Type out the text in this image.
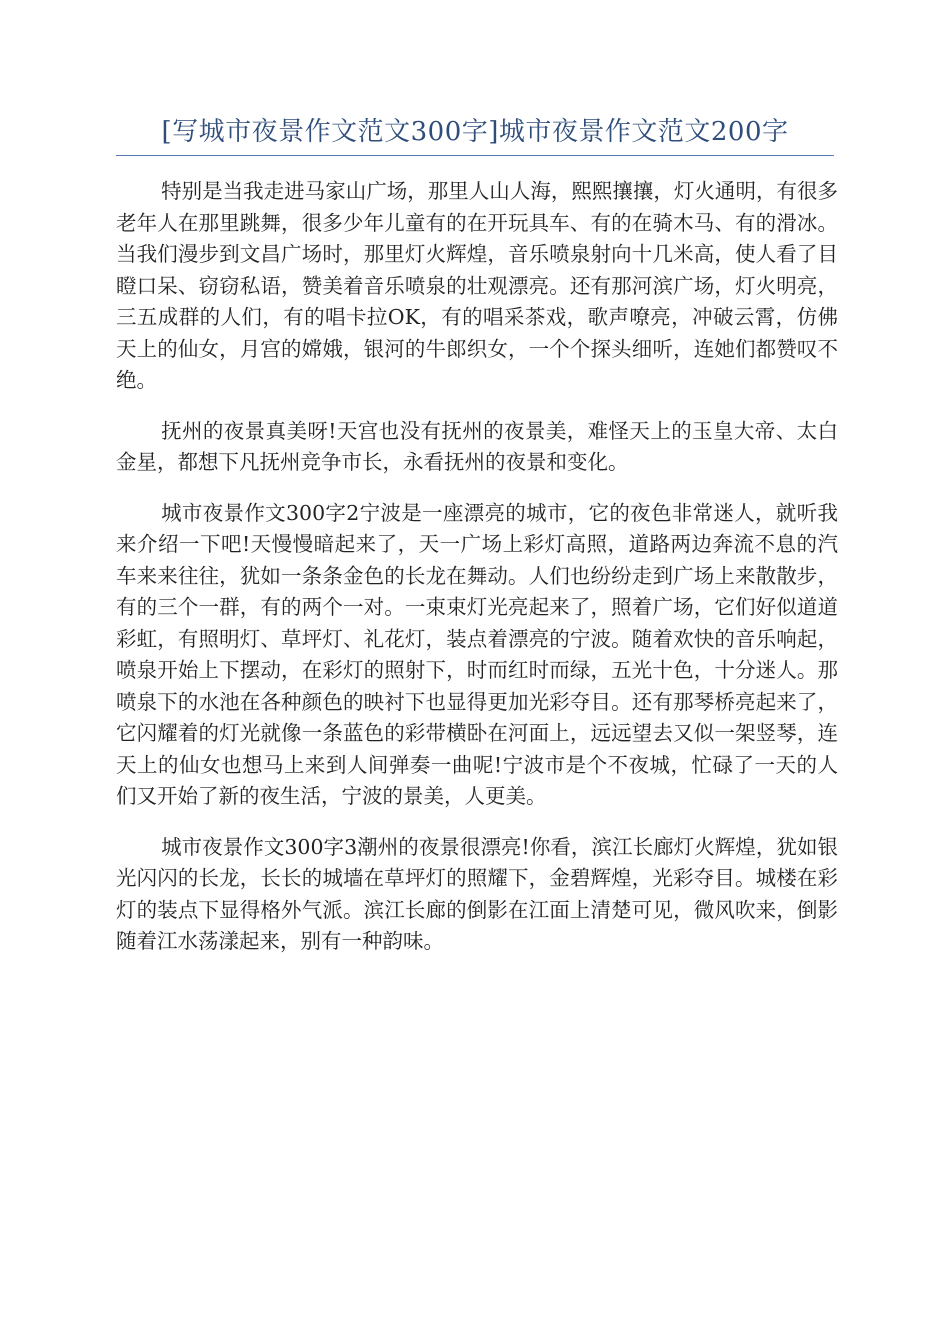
[写城市夜景作文范文300字]城市夜景作文范文200字

特别是当我走进马家山广场，那里人山人海，熙熙攘攘，灯火通明，有很多老年人在那里跳舞，很多少年儿童有的在开玩具车、有的在骑木马、有的滑冰。当我们漫步到文昌广场时，那里灯火辉煌，音乐喷泉射向十几米高，使人看了目瞪口呆、窃窃私语，赞美着音乐喷泉的壮观漂亮。还有那河滨广场，灯火明亮，三五成群的人们，有的唱卡拉OK，有的唱采茶戏，歌声嘹亮，冲破云霄，仿佛天上的仙女，月宫的嫦娥，银河的牛郎织女，一个个探头细听，连她们都赞叹不绝。

抚州的夜景真美呀!天宫也没有抚州的夜景美，难怪天上的玉皇大帝、太白金星，都想下凡抚州竞争市长，永看抚州的夜景和变化。

城市夜景作文300字2宁波是一座漂亮的城市，它的夜色非常迷人，就听我来介绍一下吧!天慢慢暗起来了，天一广场上彩灯高照，道路两边奔流不息的汽车来来往往，犹如一条条金色的长龙在舞动。人们也纷纷走到广场上来散散步，有的三个一群，有的两个一对。一束束灯光亮起来了，照着广场，它们好似道道彩虹，有照明灯、草坪灯、礼花灯，装点着漂亮的宁波。随着欢快的音乐响起，喷泉开始上下摆动，在彩灯的照射下，时而红时而绿，五光十色，十分迷人。那喷泉下的水池在各种颜色的映衬下也显得更加光彩夺目。还有那琴桥亮起来了，它闪耀着的灯光就像一条蓝色的彩带横卧在河面上，远远望去又似一架竖琴，连天上的仙女也想马上来到人间弹奏一曲呢!宁波市是个不夜城，忙碌了一天的人们又开始了新的夜生活，宁波的景美，人更美。

城市夜景作文300字3潮州的夜景很漂亮!你看，滨江长廊灯火辉煌，犹如银光闪闪的长龙，长长的城墙在草坪灯的照耀下，金碧辉煌，光彩夺目。城楼在彩灯的装点下显得格外气派。滨江长廊的倒影在江面上清楚可见，微风吹来，倒影随着江水荡漾起来，别有一种韵味。
